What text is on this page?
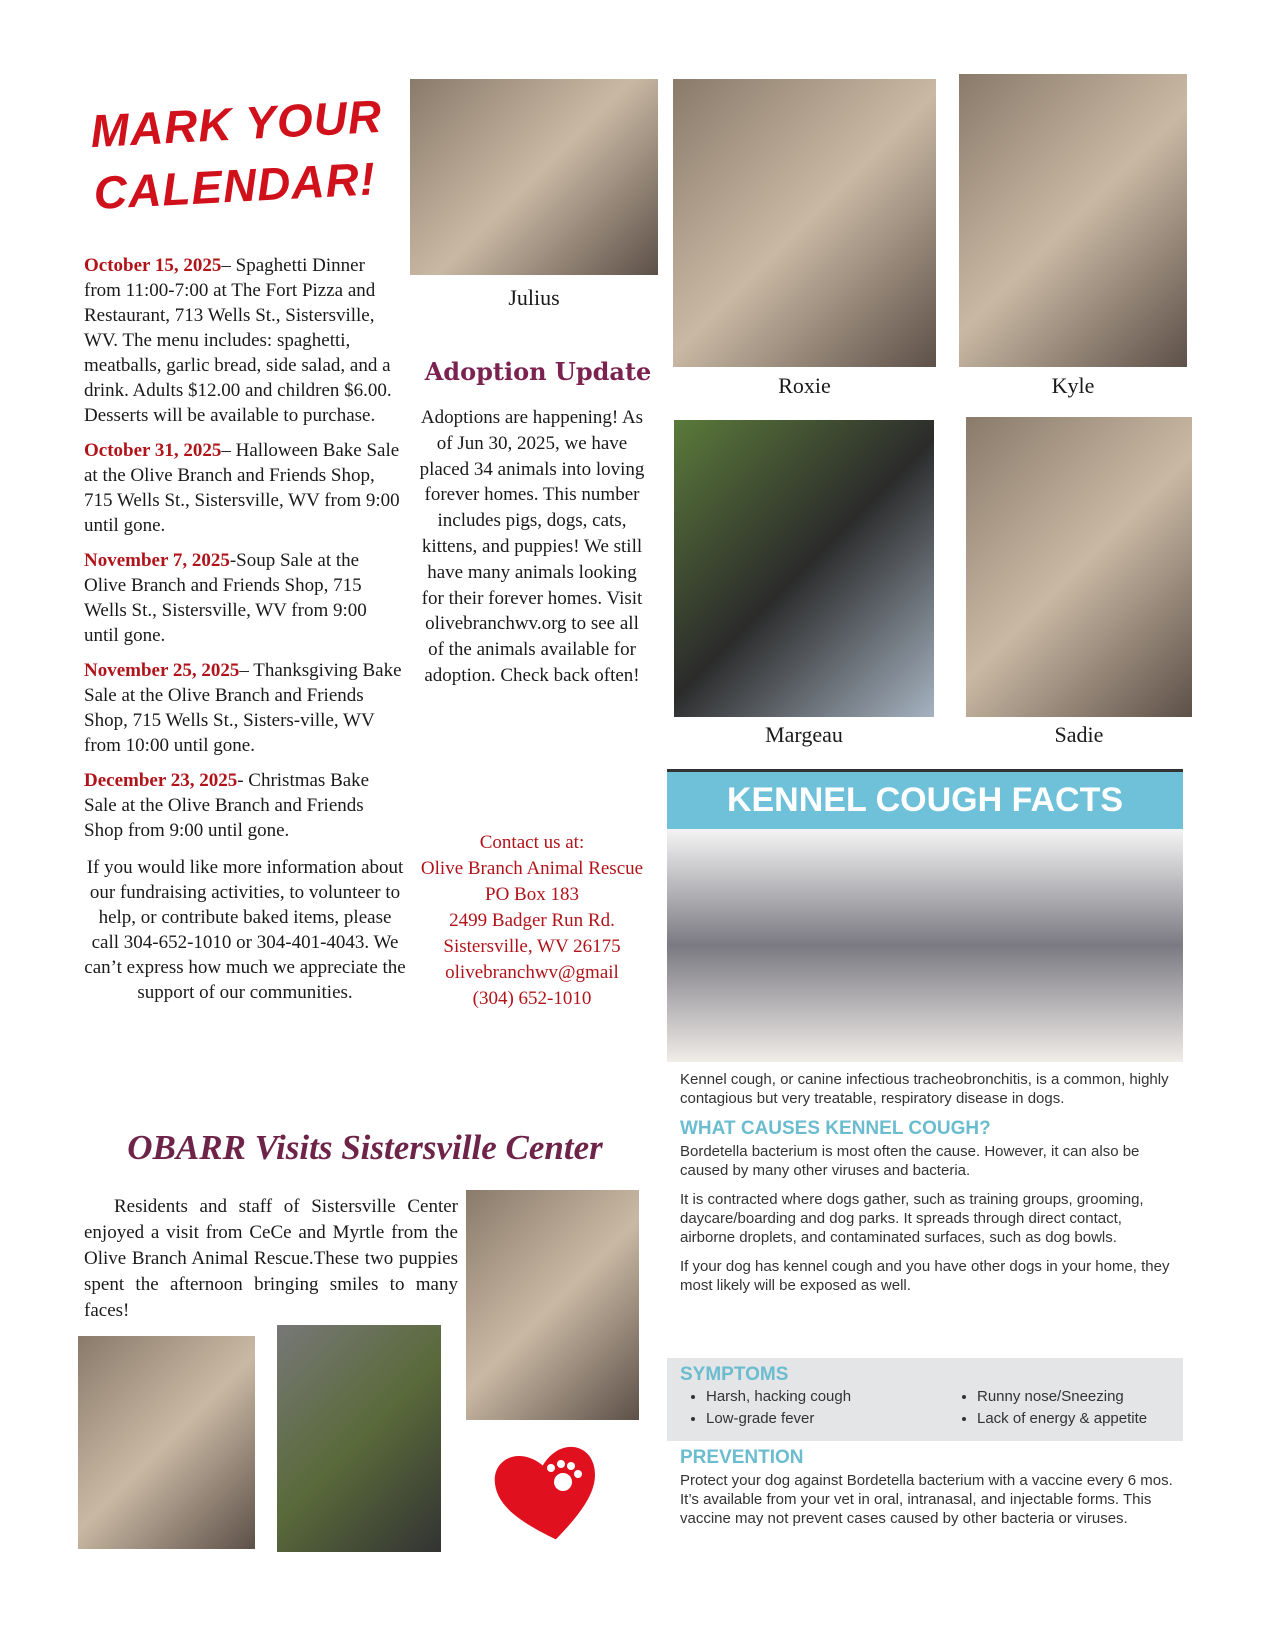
MARK YOUR CALENDAR!

October 15, 2025– Spaghetti Dinner from 11:00-7:00 at The Fort Pizza and Restaurant, 713 Wells St., Sistersville, WV. The menu includes: spaghetti, meatballs, garlic bread, side salad, and a drink. Adults $12.00 and children $6.00. Desserts will be available to purchase.

October 31, 2025– Halloween Bake Sale at the Olive Branch and Friends Shop, 715 Wells St., Sistersville, WV from 9:00 until gone.

November 7, 2025-Soup Sale at the Olive Branch and Friends Shop, 715 Wells St., Sistersville, WV from 9:00 until gone.

November 25, 2025– Thanksgiving Bake Sale at the Olive Branch and Friends Shop, 715 Wells St., Sisters-ville, WV from 10:00 until gone.

December 23, 2025- Christmas Bake Sale at the Olive Branch and Friends Shop from 9:00 until gone.

If you would like more information about our fundraising activities, to volunteer to help, or contribute baked items, please call 304-652-1010 or 304-401-4043. We can’t express how much we appreciate the support of our communities.

Julius
Adoption Update
Adoptions are happening! As of Jun 30, 2025, we have placed 34 animals into loving forever homes. This number includes pigs, dogs, cats, kittens, and puppies! We still have many animals looking for their forever homes. Visit olivebranchwv.org to see all of the animals available for adoption. Check back often!
Contact us at:
Olive Branch Animal Rescue
PO Box 183
2499 Badger Run Rd.
Sistersville, WV 26175
olivebranchwv@gmail
(304) 652-1010
Roxie	Kyle
Margeau	Sadie
KENNEL COUGH FACTS

Kennel cough, or canine infectious tracheobronchitis, is a common, highly contagious but very treatable, respiratory disease in dogs.

WHAT CAUSES KENNEL COUGH?

Bordetella bacterium is most often the cause. However, it can also be caused by many other viruses and bacteria.

It is contracted where dogs gather, such as training groups, grooming, daycare/boarding and dog parks. It spreads through direct contact, airborne droplets, and contaminated surfaces, such as dog bowls.

If your dog has kennel cough and you have other dogs in your home, they most likely will be exposed as well.

SYMPTOMS
• Harsh, hacking cough
• Low-grade fever
• Runny nose/Sneezing
• Lack of energy & appetite
PREVENTION

Protect your dog against Bordetella bacterium with a vaccine every 6 mos. It’s available from your vet in oral, intranasal, and injectable forms. This vaccine may not prevent cases caused by other bacteria or viruses.

OBARR Visits Sistersville Center
Residents and staff of Sistersville Center enjoyed a visit from CeCe and Myrtle from the Olive Branch Animal Rescue.These two puppies spent the afternoon bringing smiles to many faces!
